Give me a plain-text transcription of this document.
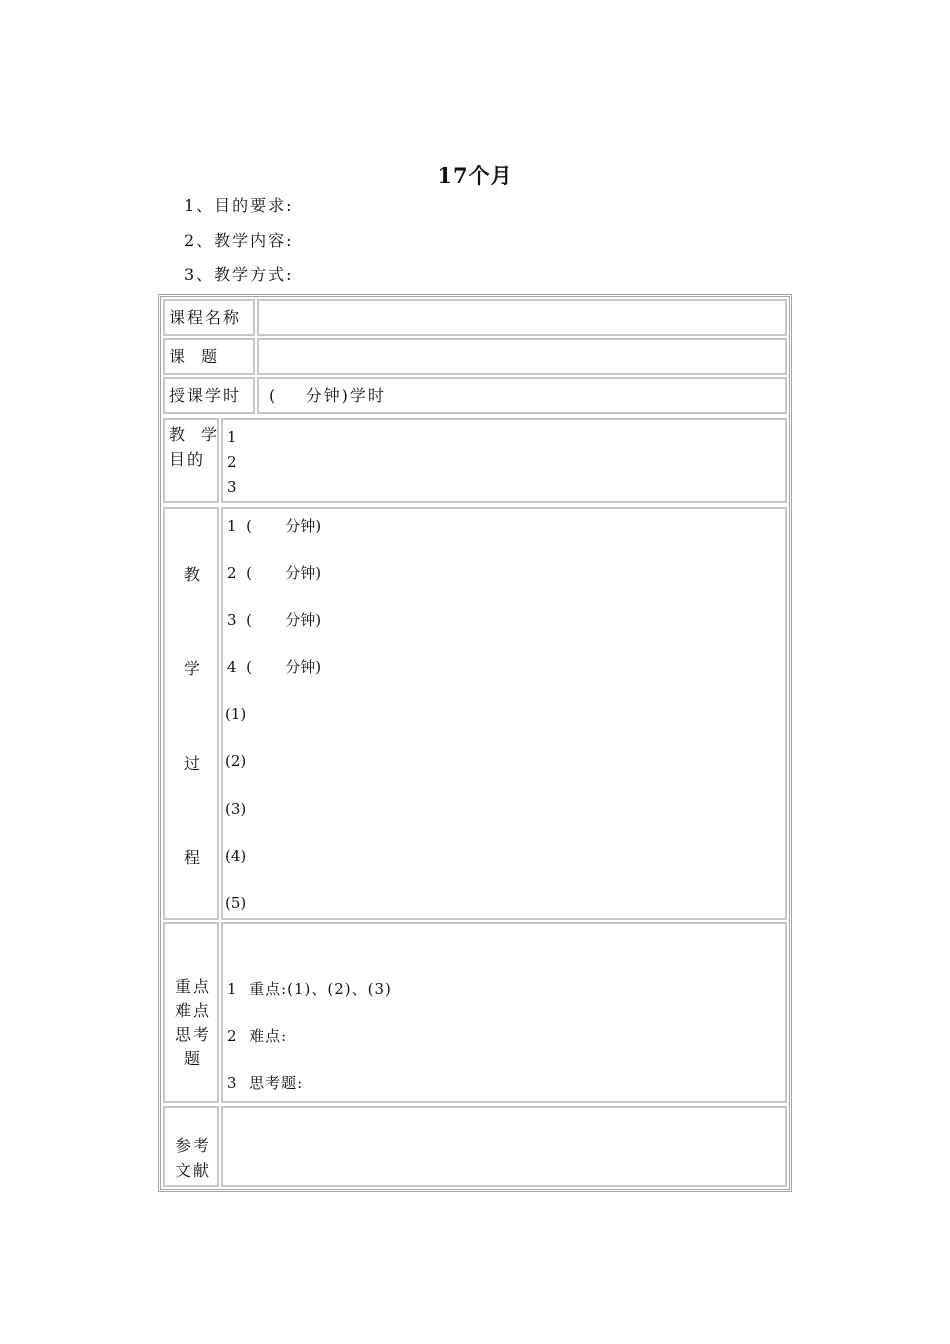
17个月
1、目的要求:
2、教学内容:
3、教学方式:
课程名称
课  题
授课学时 (    分钟)学时
教  学
目的
1
2
3
教
学
过
程
1  (       分钟)
2  (       分钟)
3  (       分钟)
4  (       分钟)
(1)
(2)
(3)
(4)
(5)
重点
难点
思考
题
1  重点:(1)、(2)、(3)
2  难点:
3  思考题:
参考
文献
